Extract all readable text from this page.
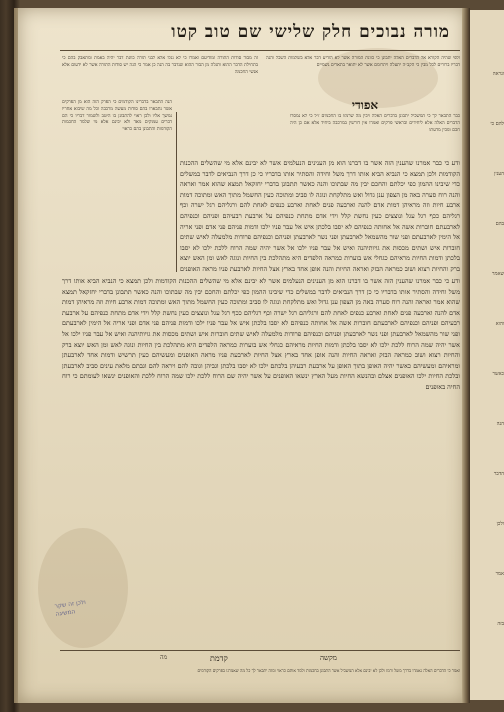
ונראה
להם כי
הענין
בהם
שאמר
והוא
כאשר
הנה
הדבר
ולכן
אמר
בזה
מורה נבוכים חלק שלישי שם טוב קטו

זה מבוד סודות התורה ומודיעם ואמרו כי לא נגלו אלא לבני תורה כוונת דבר יהיה באמת ומתאבק בהם כי בתחילת הדבר ההוא ותגלה מן הבור ההוא שנדבר בה הנה כן אמר כי הנה יש סודות התורה אשר לא ידעום אלא אנשי החכמה

ולפי שהיה הקורא אל הדברים האלה יתבונן כי כוונת המורה אשר לא הודיע דבר אלא בשלמות השכל והנה דבריו ברורים לכל מבין כי הקב״ה יתעלה ויתרומם אשר לא יתואר בתארים גשמיים

אפודי

הנה התבאר בדברינו הקודמים כי הפרק הזה הוא מן הפרקים אשר נתבארו בהם סודות מעשה מרכבה וכל מה שיבוא אחריו נמשך אליו ולכן ראוי להתבונן בו היטב ולשמור דבריו כי הם דברים עמוקים מאד ולא יבינם אלא מי שלמד החכמות הקודמות והתבונן בהם כראוי

כבר התבאר לך כי המשכיל יתבונן בדברים האלה ויבין מה שרמזו בו החכמים ז״ל כי לא נמסרו הדברים האלה אלא ליחידים ובראשי פרקים ואמרו אין דורשין במרכבה ביחיד אלא אם כן היה חכם ומבין מדעתו

ודע כי כבר אמרנו שהענין הזה אשר בו דברנו הוא מן הענינים הנעלמים אשר לא יבינם אלא מי שהשלים ההכנות הקודמות ולכן תמצא כי הנביא הביא אותו דרך משל וחידה והסתיר אותו בדבריו כי כן דרך הנביאים לדבר במשלים כדי שיבינו ההמון כפי יכלתם והחכם יבין מה שבתוכו והנה כאשר תתבונן בדברי יחזקאל תמצא שהוא אמר ואראה והנה רוח סערה באה מן הצפון ענן גדול ואש מתלקחת ונוגה לו סביב ומתוכה כעין החשמל מתוך האש ומתוכה דמות ארבע חיות וזה מראיהן דמות אדם להנה וארבעה פנים לאחת וארבע כנפים לאחת להם ורגליהם רגל ישרה וכף רגליהם ככף רגל עגל ונוצצים כעין נחשת קלל וידי אדם מתחת כנפיהם על ארבעת רבעיהם ופניהם וכנפיהם לארבעתם חוברות אשה אל אחותה כנפיהם לא יסבו בלכתן איש אל עבר פניו ילכו ודמות פניהם פני אדם ופני אריה אל הימין לארבעתם ופני שור מהשמאל לארבעתן ופני נשר לארבעתן ופניהם וכנפיהם פרודות מלמעלה לאיש שתים חוברות איש ושתים מכסות את גויותיהנה ואיש אל עבר פניו ילכו אל אשר יהיה שמה הרוח ללכת ילכו לא יסבו בלכתן ודמות החיות מראיהם כגחלי אש בוערות כמראה הלפדים היא מתהלכת בין החיות ונוגה לאש ומן האש יוצא ברק והחיות רצוא ושוב כמראה הבזק ואראה החיות והנה אופן אחד בארץ אצל החיות לארבעת פניו מראה האופנים

ודע כי כבר אמרנו שהענין הזה אשר בו דברנו הוא מן הענינים הנעלמים אשר לא יבינם אלא מי שהשלים ההכנות הקודמות ולכן תמצא כי הנביא הביא אותו דרך משל וחידה והסתיר אותו בדבריו כי כן דרך הנביאים לדבר במשלים כדי שיבינו ההמון כפי יכלתם והחכם יבין מה שבתוכו והנה כאשר תתבונן בדברי יחזקאל תמצא שהוא אמר ואראה והנה רוח סערה באה מן הצפון ענן גדול ואש מתלקחת ונוגה לו סביב ומתוכה כעין החשמל מתוך האש ומתוכה דמות ארבע חיות וזה מראיהן דמות אדם להנה וארבעה פנים לאחת וארבע כנפים לאחת להם ורגליהם רגל ישרה וכף רגליהם ככף רגל עגל ונוצצים כעין נחשת קלל וידי אדם מתחת כנפיהם על ארבעת רבעיהם ופניהם וכנפיהם לארבעתם חוברות אשה אל אחותה כנפיהם לא יסבו בלכתן איש אל עבר פניו ילכו ודמות פניהם פני אדם ופני אריה אל הימין לארבעתם ופני שור מהשמאל לארבעתן ופני נשר לארבעתן ופניהם וכנפיהם פרודות מלמעלה לאיש שתים חוברות איש ושתים מכסות את גויותיהנה ואיש אל עבר פניו ילכו אל אשר יהיה שמה הרוח ללכת ילכו לא יסבו בלכתן ודמות החיות מראיהם כגחלי אש בוערות כמראה הלפדים היא מתהלכת בין החיות ונוגה לאש ומן האש יוצא ברק והחיות רצוא ושוב כמראה הבזק ואראה החיות והנה אופן אחד בארץ אצל החיות לארבעת פניו מראה האופנים ומעשיהם כעין תרשיש ודמות אחד לארבעתן ומראיהם ומעשיהם כאשר יהיה האופן בתוך האופן על ארבעת רבעיהן בלכתם ילכו לא יסבו בלכתן וגביהן וגובה להם ויראה להם וגבתם מלאת עינים סביב לארבעתן ובלכת החיות ילכו האופנים אצלם ובהנשא החיות מעל הארץ ינשאו האופנים על אשר יהיה שם הרוח ללכת ילכו שמה הרוח ללכת והאופנים ינשאו לעומתם כי רוח החיה באופנים

ולכן זה שקר המשיגה
מה	קדמת	מקשה
ואמר כי הדברים האלה נאמרו בדרך משל ורמז ולכן לא יבינם אלא המשכיל אשר התבונן בחכמות ולמד אותם כראוי ומזה יתבאר לך כל מה שאמרנו בפרקים הקודמים
